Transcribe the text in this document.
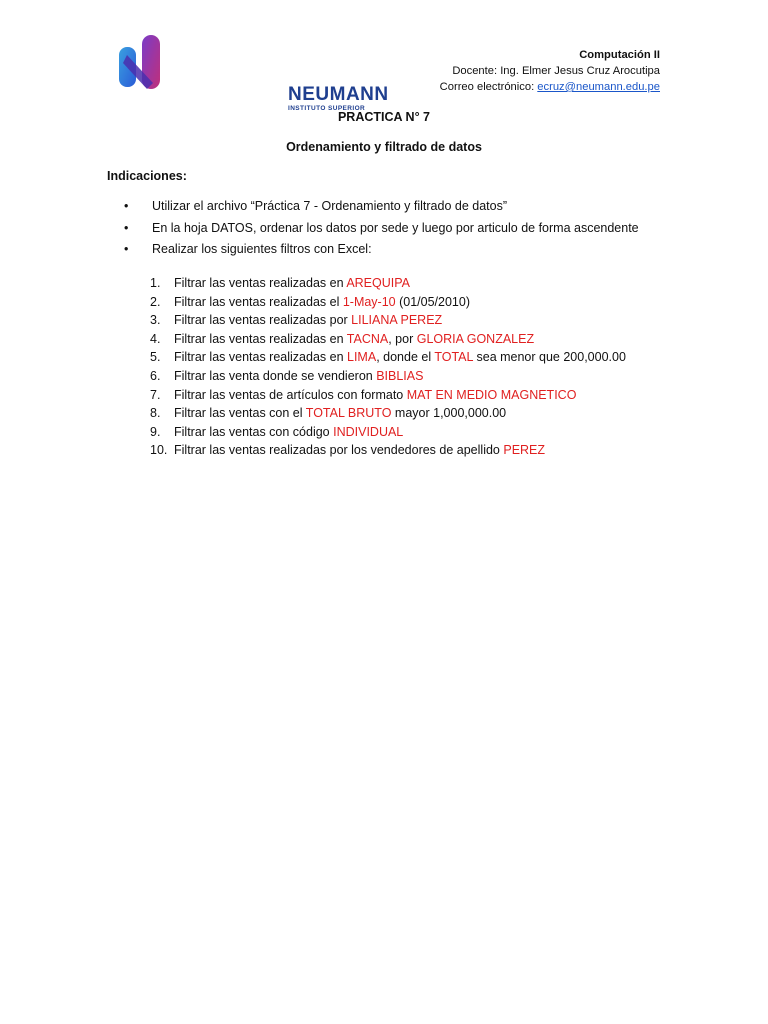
NEUMANN
INSTITUTO SUPERIOR
Computación II
Docente: Ing. Elmer Jesus Cruz Arocutipa
Correo electrónico: ecruz@neumann.edu.pe
PRACTICA N° 7
Ordenamiento y filtrado de datos
Indicaciones:
•	Utilizar el archivo “Práctica 7 - Ordenamiento y filtrado de datos”
•	En la hoja DATOS, ordenar los datos por sede y luego por articulo de forma ascendente
•	Realizar los siguientes filtros con Excel:
1.	Filtrar las ventas realizadas en AREQUIPA
2.	Filtrar las ventas realizadas el 1-May-10 (01/05/2010)
3.	Filtrar las ventas realizadas por LILIANA PEREZ
4.	Filtrar las ventas realizadas en TACNA, por GLORIA GONZALEZ
5.	Filtrar las ventas realizadas en LIMA, donde el TOTAL sea menor que 200,000.00
6.	Filtrar las venta donde se vendieron BIBLIAS
7.	Filtrar las ventas de artículos con formato MAT EN MEDIO MAGNETICO
8.	Filtrar las ventas con el TOTAL BRUTO mayor 1,000,000.00
9.	Filtrar las ventas con código INDIVIDUAL
10. Filtrar las ventas realizadas por los vendedores de apellido PEREZ
